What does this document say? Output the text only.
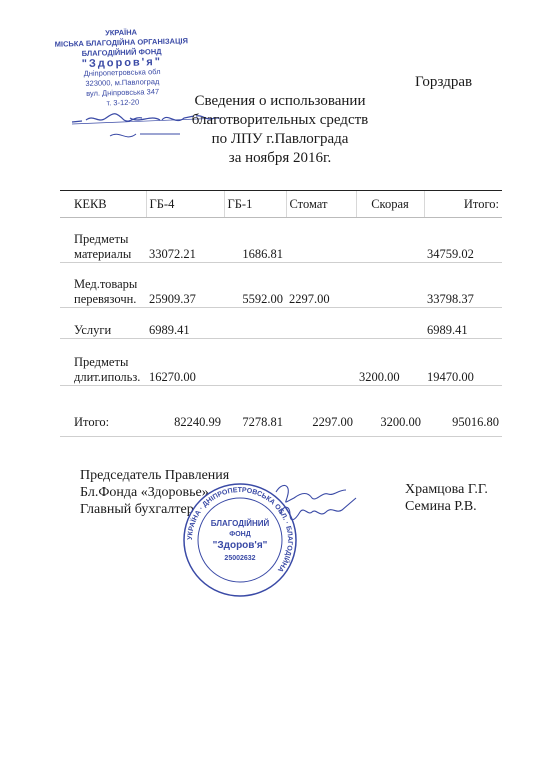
УКРАЇНА
МІСЬКА БЛАГОДІЙНА ОРГАНІЗАЦІЯ
БЛАГОДІЙНИЙ ФОНД
"Здоров'я"
Дніпропетровська обл
323000, м.Павлоград
вул. Дніпровська 347
т. 3-12-20
Горздрав
Сведения о использовании
благотворительных средств
по ЛПУ г.Павлограда
за ноября 2016г.
КЕКВ	ГБ-4	ГБ-1	Стомат	Скорая	Итого:

Предметы
материалы	33072.21	1686.81			34759.02

Мед.товары
перевязочн.	25909.37	5592.00	2297.00		33798.37

Услуги	6989.41				6989.41

Предметы
длит.ипольз.	16270.00			3200.00	19470.00

Итого:	82240.99	7278.81	2297.00	3200.00	95016.80
Председатель Правления
Бл.Фонда «Здоровье»
Главный бухгалтер
Храмцова Г.Г.
Семина Р.В.
УКРАЇНА · ДНІПРОПЕТРОВСЬКА ОБЛ. · БЛАГОДІЙНА
БЛАГОДІЙНИЙ
ФОНД
"Здоров'я"
25002632
